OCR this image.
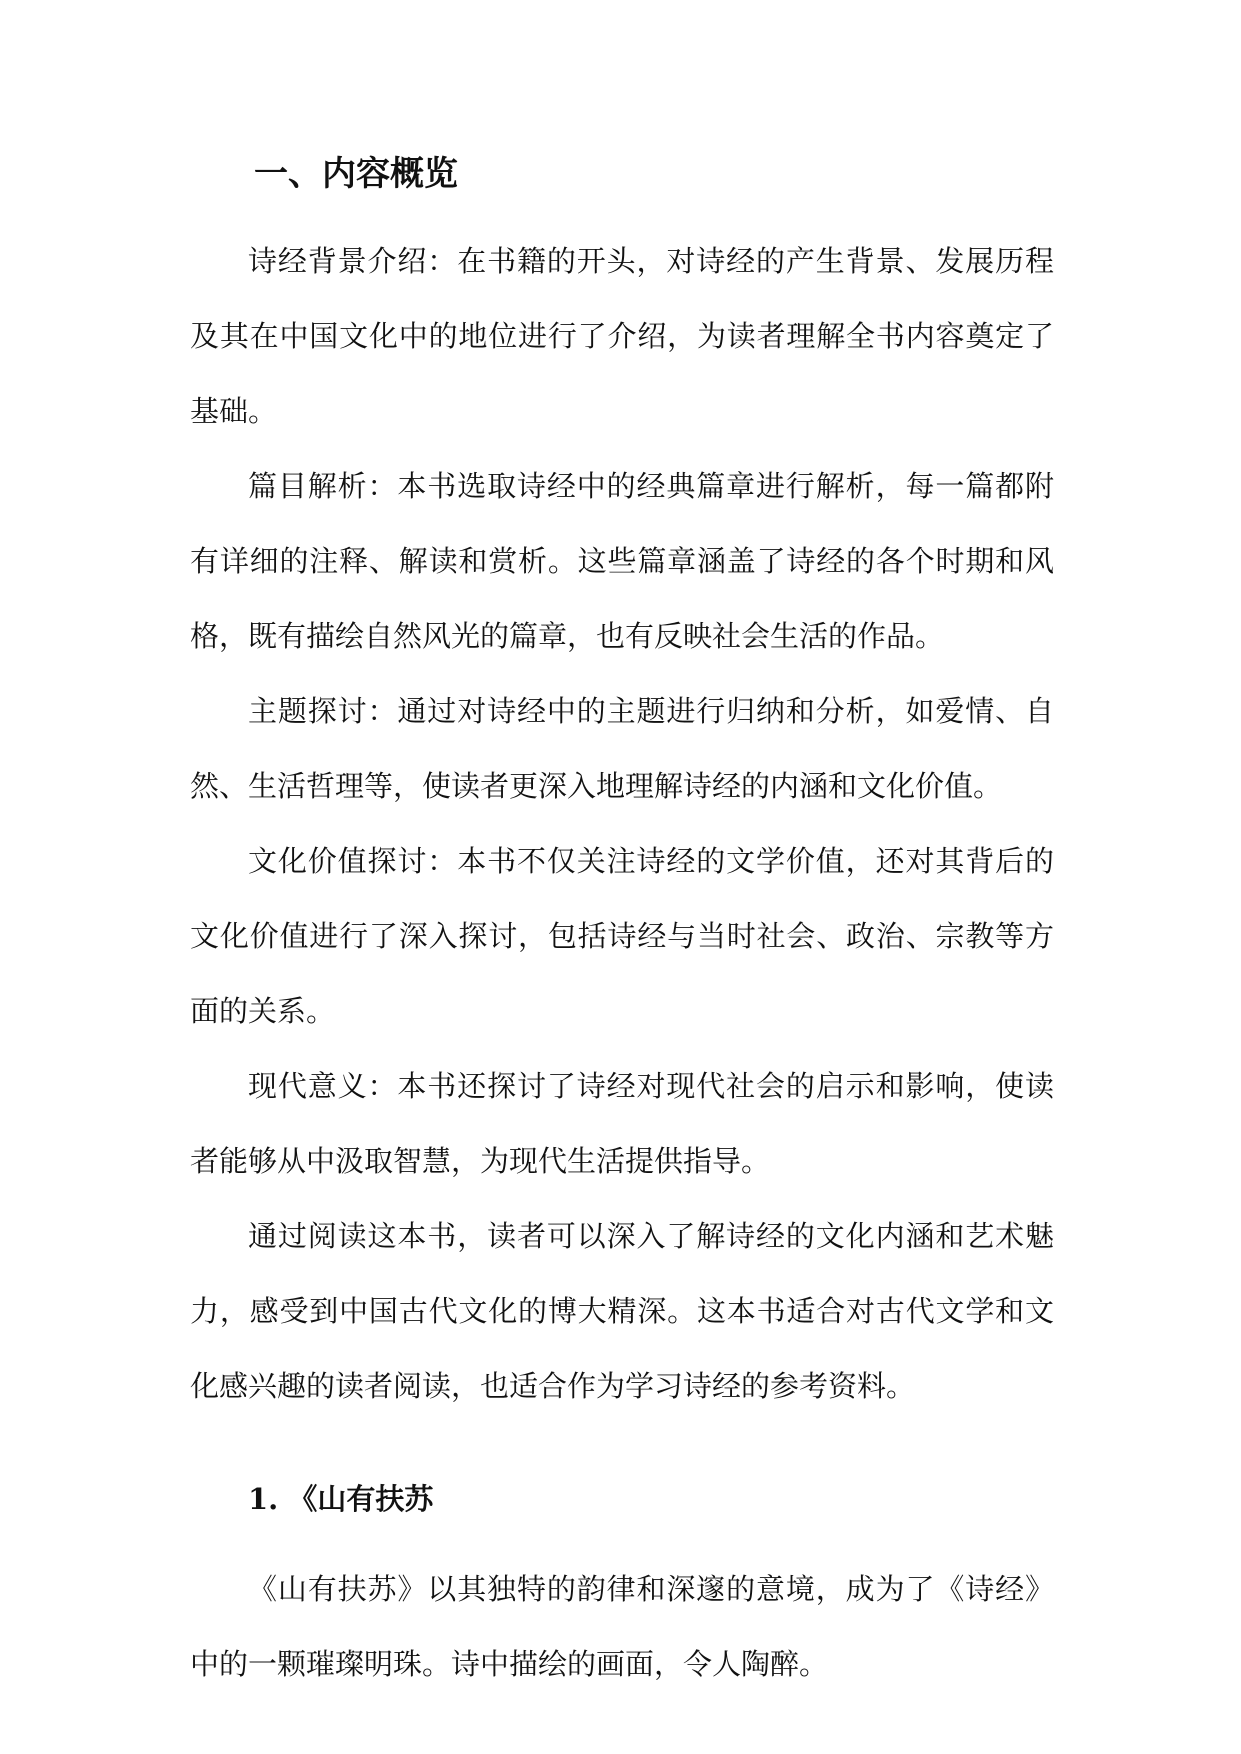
一、内容概览

诗经背景介绍：在书籍的开头，对诗经的产生背景、发展历程及其在中国文化中的地位进行了介绍，为读者理解全书内容奠定了基础。

篇目解析：本书选取诗经中的经典篇章进行解析，每一篇都附有详细的注释、解读和赏析。这些篇章涵盖了诗经的各个时期和风格，既有描绘自然风光的篇章，也有反映社会生活的作品。

主题探讨：通过对诗经中的主题进行归纳和分析，如爱情、自然、生活哲理等，使读者更深入地理解诗经的内涵和文化价值。

文化价值探讨：本书不仅关注诗经的文学价值，还对其背后的文化价值进行了深入探讨，包括诗经与当时社会、政治、宗教等方面的关系。

现代意义：本书还探讨了诗经对现代社会的启示和影响，使读者能够从中汲取智慧，为现代生活提供指导。

通过阅读这本书，读者可以深入了解诗经的文化内涵和艺术魅力，感受到中国古代文化的博大精深。这本书适合对古代文学和文化感兴趣的读者阅读，也适合作为学习诗经的参考资料。

1. 《山有扶苏

《山有扶苏》以其独特的韵律和深邃的意境，成为了《诗经》中的一颗璀璨明珠。诗中描绘的画面，令人陶醉。
